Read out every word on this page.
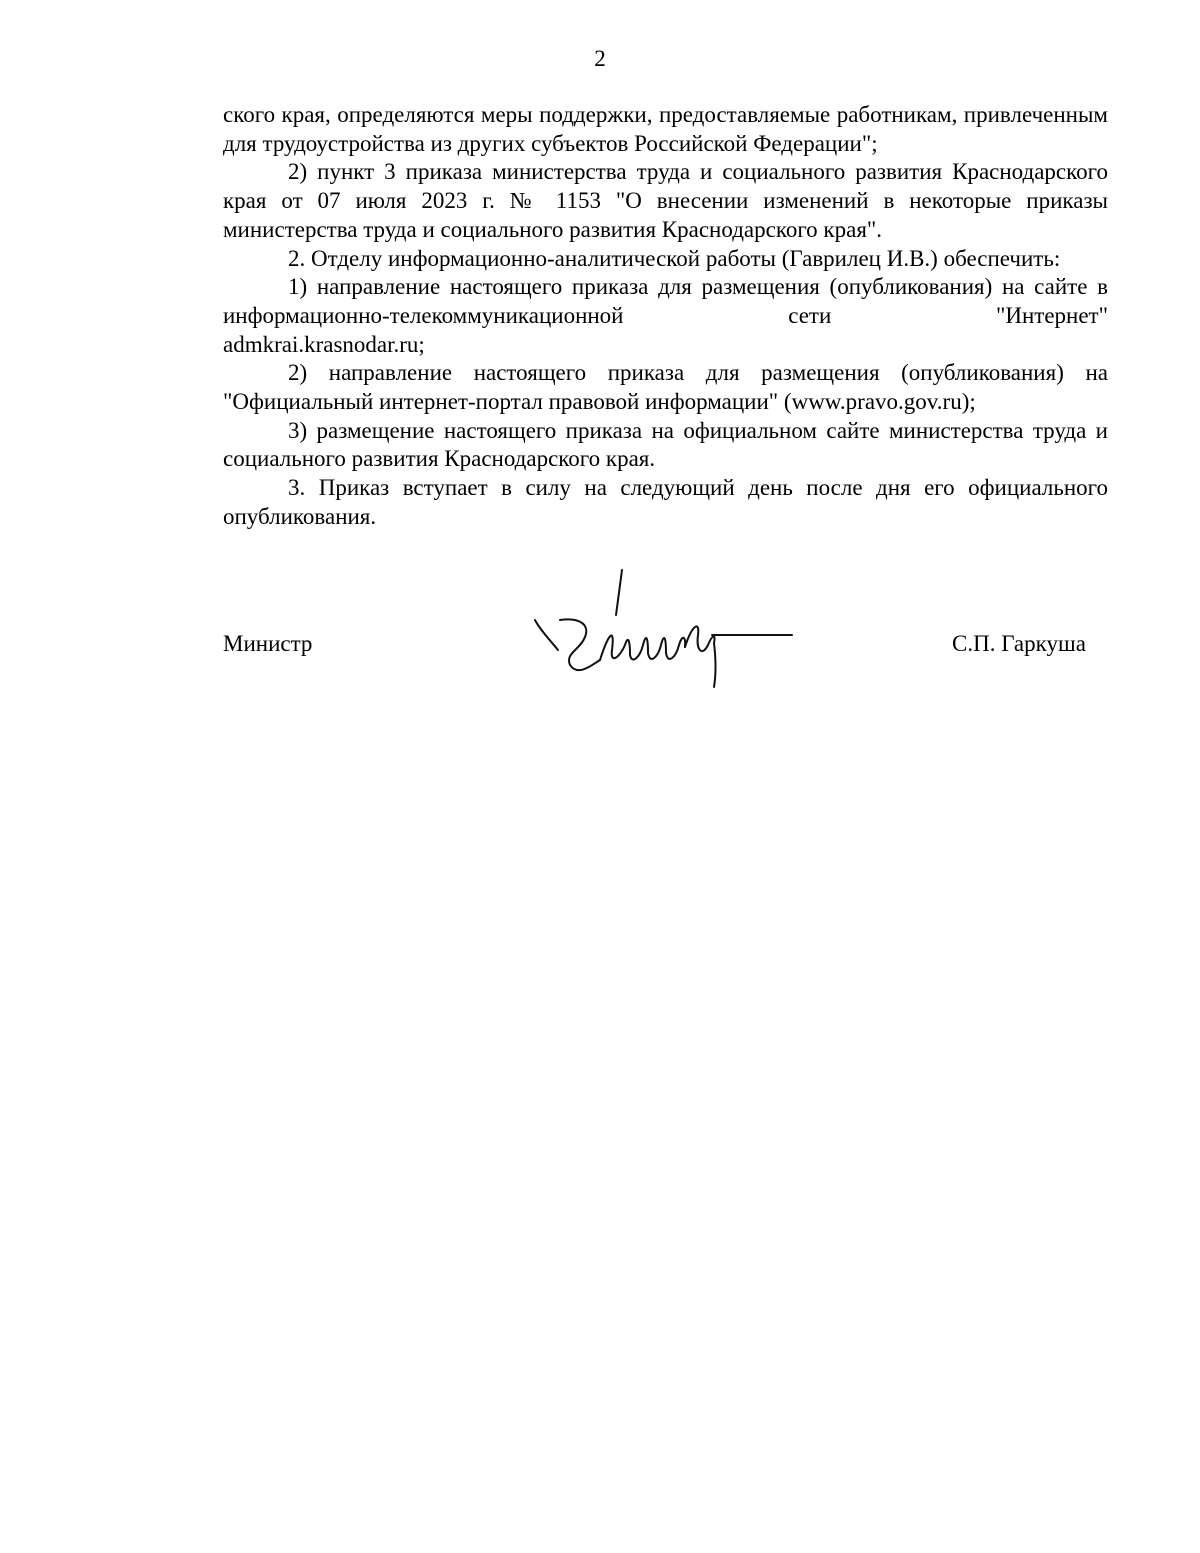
2

ского края, определяются меры поддержки, предоставляемые работникам, привлеченным для трудоустройства из других субъектов Российской Федерации";

2) пункт 3 приказа министерства труда и социального развития Краснодарского края от 07 июля 2023 г. № 1153 "О внесении изменений в некоторые приказы министерства труда и социального развития Краснодарского края".

2. Отделу информационно-аналитической работы (Гаврилец И.В.) обеспечить:

1) направление настоящего приказа для размещения (опубликования) на сайте в информационно-телекоммуникационной сети "Интернет"

admkrai.krasnodar.ru;

2) направление настоящего приказа для размещения (опубликования) на "Официальный интернет-портал правовой информации" (www.pravo.gov.ru);

3) размещение настоящего приказа на официальном сайте министерства труда и социального развития Краснодарского края.

3. Приказ вступает в силу на следующий день после дня его официального опубликования.

Министр	С.П. Гаркуша
